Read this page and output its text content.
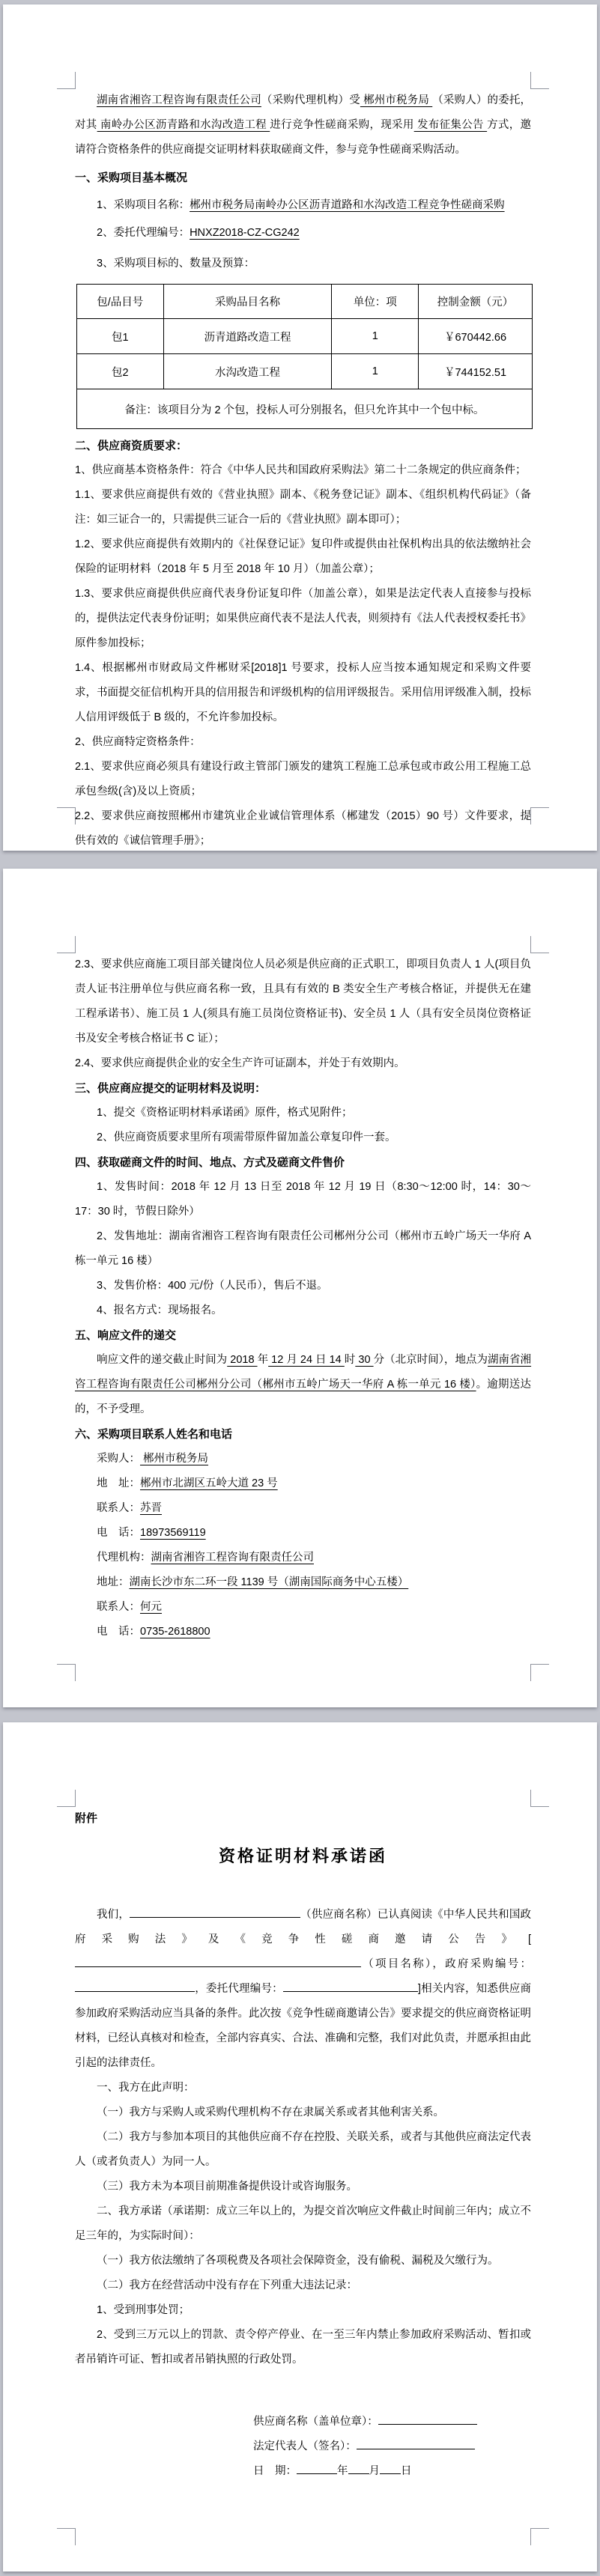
湖南省湘咨工程咨询有限责任公司（采购代理机构）受 郴州市税务局 （采购人）的委托，对其 南岭办公区沥青路和水沟改造工程 进行竞争性磋商采购，现采用 发布征集公告 方式，邀请符合资格条件的供应商提交证明材料获取磋商文件，参与竞争性磋商采购活动。
一、采购项目基本概况
1、采购项目名称：郴州市税务局南岭办公区沥青道路和水沟改造工程竞争性磋商采购
2、委托代理编号：HNXZ2018-CZ-CG242
3、采购项目标的、数量及预算：
包/品目号	采购品目名称	单位：项	控制金额（元）
包1	沥青道路改造工程	1	￥670442.66
包2	水沟改造工程	1	￥744152.51
备注：该项目分为 2 个包，投标人可分别报名，但只允许其中一个包中标。			
二、供应商资质要求：
1、供应商基本资格条件：符合《中华人民共和国政府采购法》第二十二条规定的供应商条件；
1.1、要求供应商提供有效的《营业执照》副本、《税务登记证》副本、《组织机构代码证》（备注：如三证合一的，只需提供三证合一后的《营业执照》副本即可）；
1.2、要求供应商提供有效期内的《社保登记证》复印件或提供由社保机构出具的依法缴纳社会保险的证明材料（2018 年 5 月至 2018 年 10 月）（加盖公章）；
1.3、要求供应商提供供应商代表身份证复印件（加盖公章），如果是法定代表人直接参与投标的，提供法定代表身份证明；如果供应商代表不是法人代表，则须持有《法人代表授权委托书》原件参加投标；
1.4、根据郴州市财政局文件郴财采[2018]1 号要求，投标人应当按本通知规定和采购文件要求，书面提交征信机构开具的信用报告和评级机构的信用评级报告。采用信用评级准入制，投标人信用评级低于 B 级的，不允许参加投标。
2、供应商特定资格条件：
2.1、要求供应商必须具有建设行政主管部门颁发的建筑工程施工总承包或市政公用工程施工总承包叁级(含)及以上资质；
2.2、要求供应商按照郴州市建筑业企业诚信管理体系（郴建发（2015）90 号）文件要求，提供有效的《诚信管理手册》；
2.3、要求供应商施工项目部关键岗位人员必须是供应商的正式职工，即项目负责人 1 人(项目负责人证书注册单位与供应商名称一致，且具有有效的 B 类安全生产考核合格证，并提供无在建工程承诺书）、施工员 1 人(须具有施工员岗位资格证书)、安全员 1 人（具有安全员岗位资格证书及安全考核合格证书 C 证）；
2.4、要求供应商提供企业的安全生产许可证副本，并处于有效期内。
三、供应商应提交的证明材料及说明：
1、提交《资格证明材料承诺函》原件，格式见附件；
2、供应商资质要求里所有项需带原件留加盖公章复印件一套。
四、获取磋商文件的时间、地点、方式及磋商文件售价
1、发售时间：2018 年 12 月 13 日至 2018 年 12 月 19 日（8:30～12:00 时，14：30～17：30 时，节假日除外）
2、发售地址：湖南省湘咨工程咨询有限责任公司郴州分公司（郴州市五岭广场天一华府 A 栋一单元 16 楼）
3、发售价格：400 元/份（人民币），售后不退。
4、报名方式：现场报名。
五、响应文件的递交
响应文件的递交截止时间为 2018 年 12 月 24 日 14 时 30 分（北京时间），地点为湖南省湘咨工程咨询有限责任公司郴州分公司（郴州市五岭广场天一华府 A 栋一单元 16 楼）。逾期送达的，不予受理。
六、采购项目联系人姓名和电话
采购人： 郴州市税务局
地　址：郴州市北湖区五岭大道 23 号
联系人：苏晋
电　话：18973569119
代理机构：湖南省湘咨工程咨询有限责任公司
地址：湖南长沙市东二环一段 1139 号（湖南国际商务中心五楼）
联系人：何元
电　话：0735-2618800
附件
资格证明材料承诺函
我们，	（供应商名称）已认真阅读《中华人民共和国政府采购法》及《竞争性磋商邀请公告》[（项目名称），政府采购编号：，委托代理编号：	]相关内容，知悉供应商参加政府采购活动应当具备的条件。此次按《竞争性磋商邀请公告》要求提交的供应商资格证明材料，已经认真核对和检查，全部内容真实、合法、准确和完整，我们对此负责，并愿承担由此引起的法律责任。
一、我方在此声明：
（一）我方与采购人或采购代理机构不存在隶属关系或者其他利害关系。
（二）我方与参加本项目的其他供应商不存在控股、关联关系，或者与其他供应商法定代表人（或者负责人）为同一人。
（三）我方未为本项目前期准备提供设计或咨询服务。
二、我方承诺（承诺期：成立三年以上的，为提交首次响应文件截止时间前三年内；成立不足三年的，为实际时间）：
（一）我方依法缴纳了各项税费及各项社会保障资金，没有偷税、漏税及欠缴行为。
（二）我方在经营活动中没有存在下列重大违法记录：
1、受到刑事处罚；
2、受到三万元以上的罚款、责令停产停业、在一至三年内禁止参加政府采购活动、暂扣或者吊销许可证、暂扣或者吊销执照的行政处罚。
供应商名称（盖单位章）：
法定代表人（签名）：
日　期：	年 月 日
